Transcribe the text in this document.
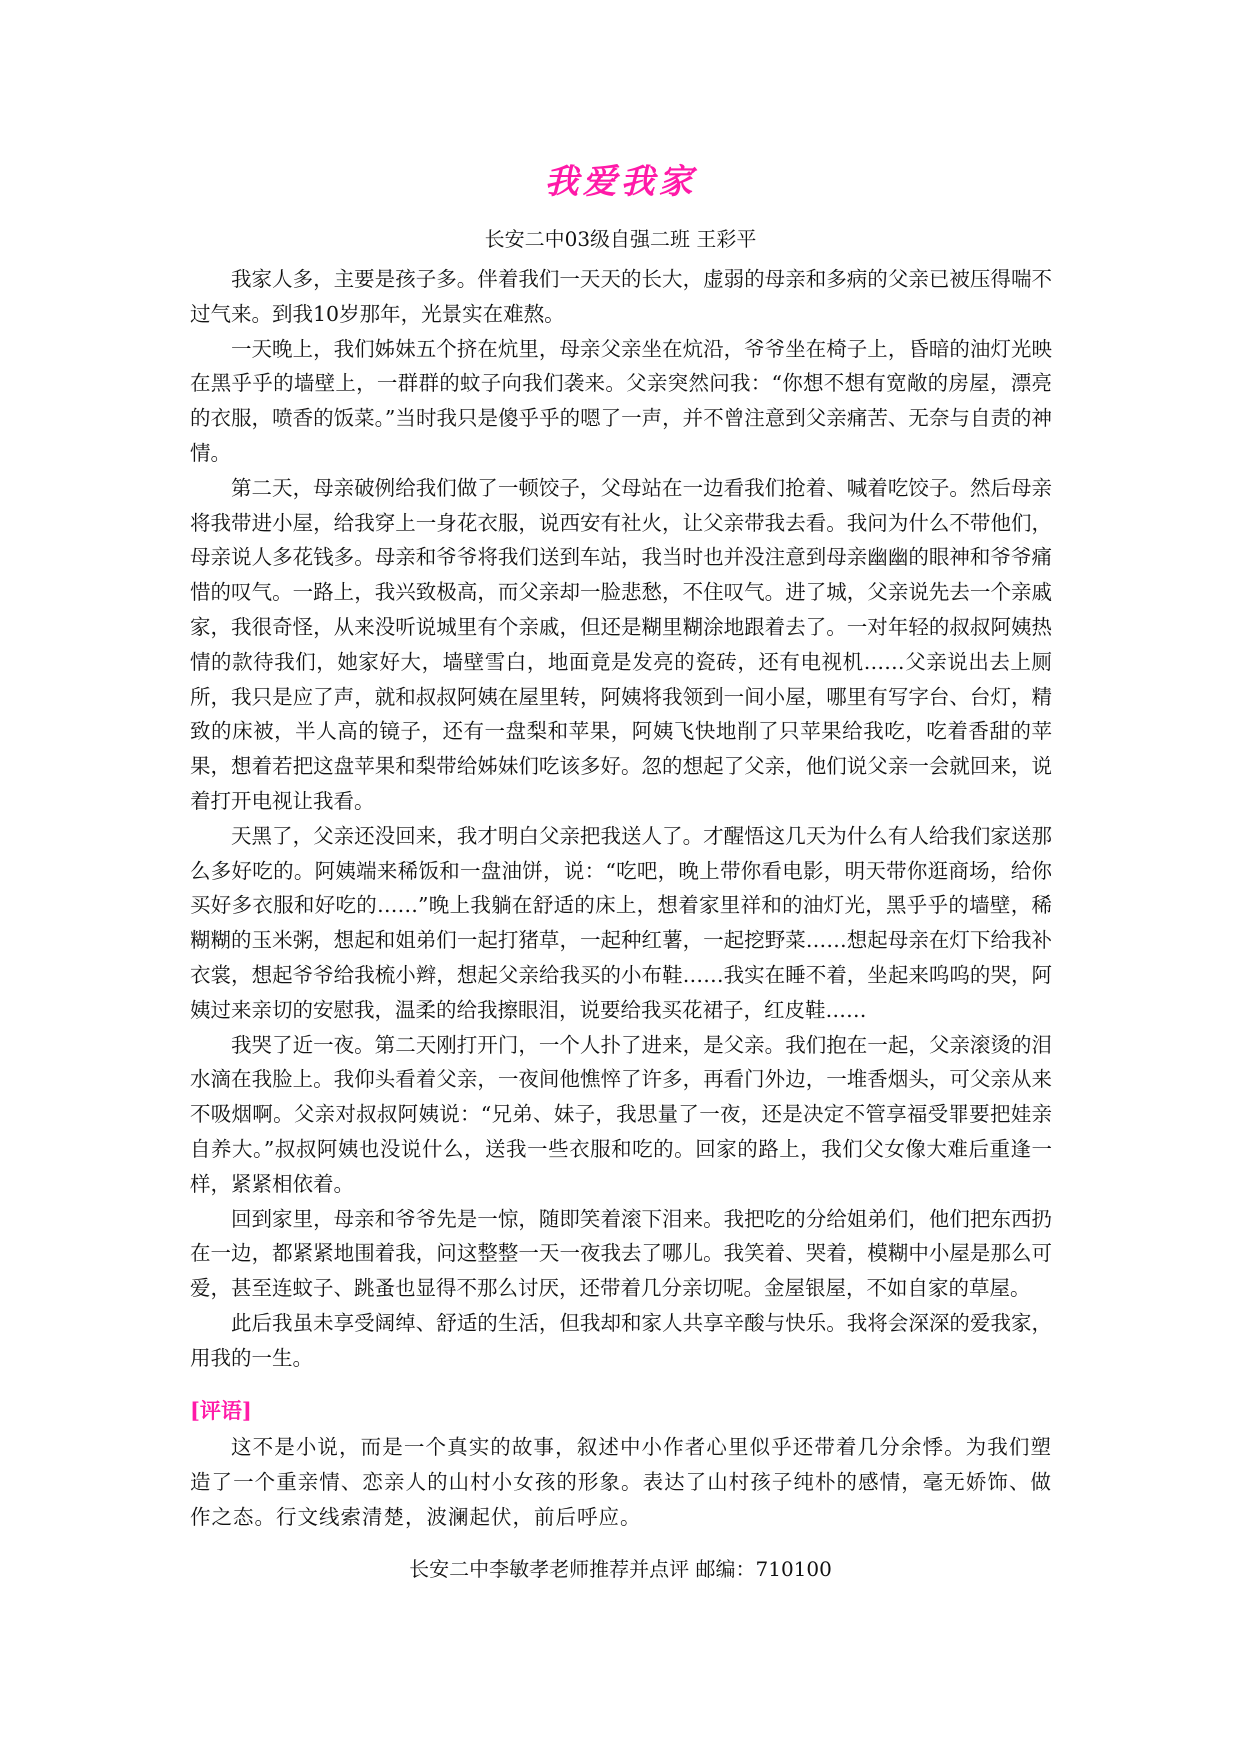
我爱我家

长安二中03级自强二班 王彩平

我家人多，主要是孩子多。伴着我们一天天的长大，虚弱的母亲和多病的父亲已被压得喘不过气来。到我10岁那年，光景实在难熬。

一天晚上，我们姊妹五个挤在炕里，母亲父亲坐在炕沿，爷爷坐在椅子上，昏暗的油灯光映在黑乎乎的墙壁上，一群群的蚊子向我们袭来。父亲突然问我：“你想不想有宽敞的房屋，漂亮的衣服，喷香的饭菜。”当时我只是傻乎乎的嗯了一声，并不曾注意到父亲痛苦、无奈与自责的神情。

第二天，母亲破例给我们做了一顿饺子，父母站在一边看我们抢着、喊着吃饺子。然后母亲将我带进小屋，给我穿上一身花衣服，说西安有社火，让父亲带我去看。我问为什么不带他们，母亲说人多花钱多。母亲和爷爷将我们送到车站，我当时也并没注意到母亲幽幽的眼神和爷爷痛惜的叹气。一路上，我兴致极高，而父亲却一脸悲愁，不住叹气。进了城，父亲说先去一个亲戚家，我很奇怪，从来没听说城里有个亲戚，但还是糊里糊涂地跟着去了。一对年轻的叔叔阿姨热情的款待我们，她家好大，墙壁雪白，地面竟是发亮的瓷砖，还有电视机……父亲说出去上厕所，我只是应了声，就和叔叔阿姨在屋里转，阿姨将我领到一间小屋，哪里有写字台、台灯，精致的床被，半人高的镜子，还有一盘梨和苹果，阿姨飞快地削了只苹果给我吃，吃着香甜的苹果，想着若把这盘苹果和梨带给姊妹们吃该多好。忽的想起了父亲，他们说父亲一会就回来，说着打开电视让我看。

天黑了，父亲还没回来，我才明白父亲把我送人了。才醒悟这几天为什么有人给我们家送那么多好吃的。阿姨端来稀饭和一盘油饼，说：“吃吧，晚上带你看电影，明天带你逛商场，给你买好多衣服和好吃的……”晚上我躺在舒适的床上，想着家里祥和的油灯光，黑乎乎的墙壁，稀糊糊的玉米粥，想起和姐弟们一起打猪草，一起种红薯，一起挖野菜……想起母亲在灯下给我补衣裳，想起爷爷给我梳小辫，想起父亲给我买的小布鞋……我实在睡不着，坐起来呜呜的哭，阿姨过来亲切的安慰我，温柔的给我擦眼泪，说要给我买花裙子，红皮鞋……

我哭了近一夜。第二天刚打开门，一个人扑了进来，是父亲。我们抱在一起，父亲滚烫的泪水滴在我脸上。我仰头看着父亲，一夜间他憔悴了许多，再看门外边，一堆香烟头，可父亲从来不吸烟啊。父亲对叔叔阿姨说：“兄弟、妹子，我思量了一夜，还是决定不管享福受罪要把娃亲自养大。”叔叔阿姨也没说什么，送我一些衣服和吃的。回家的路上，我们父女像大难后重逢一样，紧紧相依着。

回到家里，母亲和爷爷先是一惊，随即笑着滚下泪来。我把吃的分给姐弟们，他们把东西扔在一边，都紧紧地围着我，问这整整一天一夜我去了哪儿。我笑着、哭着，模糊中小屋是那么可爱，甚至连蚊子、跳蚤也显得不那么讨厌，还带着几分亲切呢。金屋银屋，不如自家的草屋。

此后我虽未享受阔绰、舒适的生活，但我却和家人共享辛酸与快乐。我将会深深的爱我家，用我的一生。

[评语]

这不是小说，而是一个真实的故事，叙述中小作者心里似乎还带着几分余悸。为我们塑造了一个重亲情、恋亲人的山村小女孩的形象。表达了山村孩子纯朴的感情，毫无娇饰、做作之态。行文线索清楚，波澜起伏，前后呼应。

长安二中李敏孝老师推荐并点评 邮编：710100
